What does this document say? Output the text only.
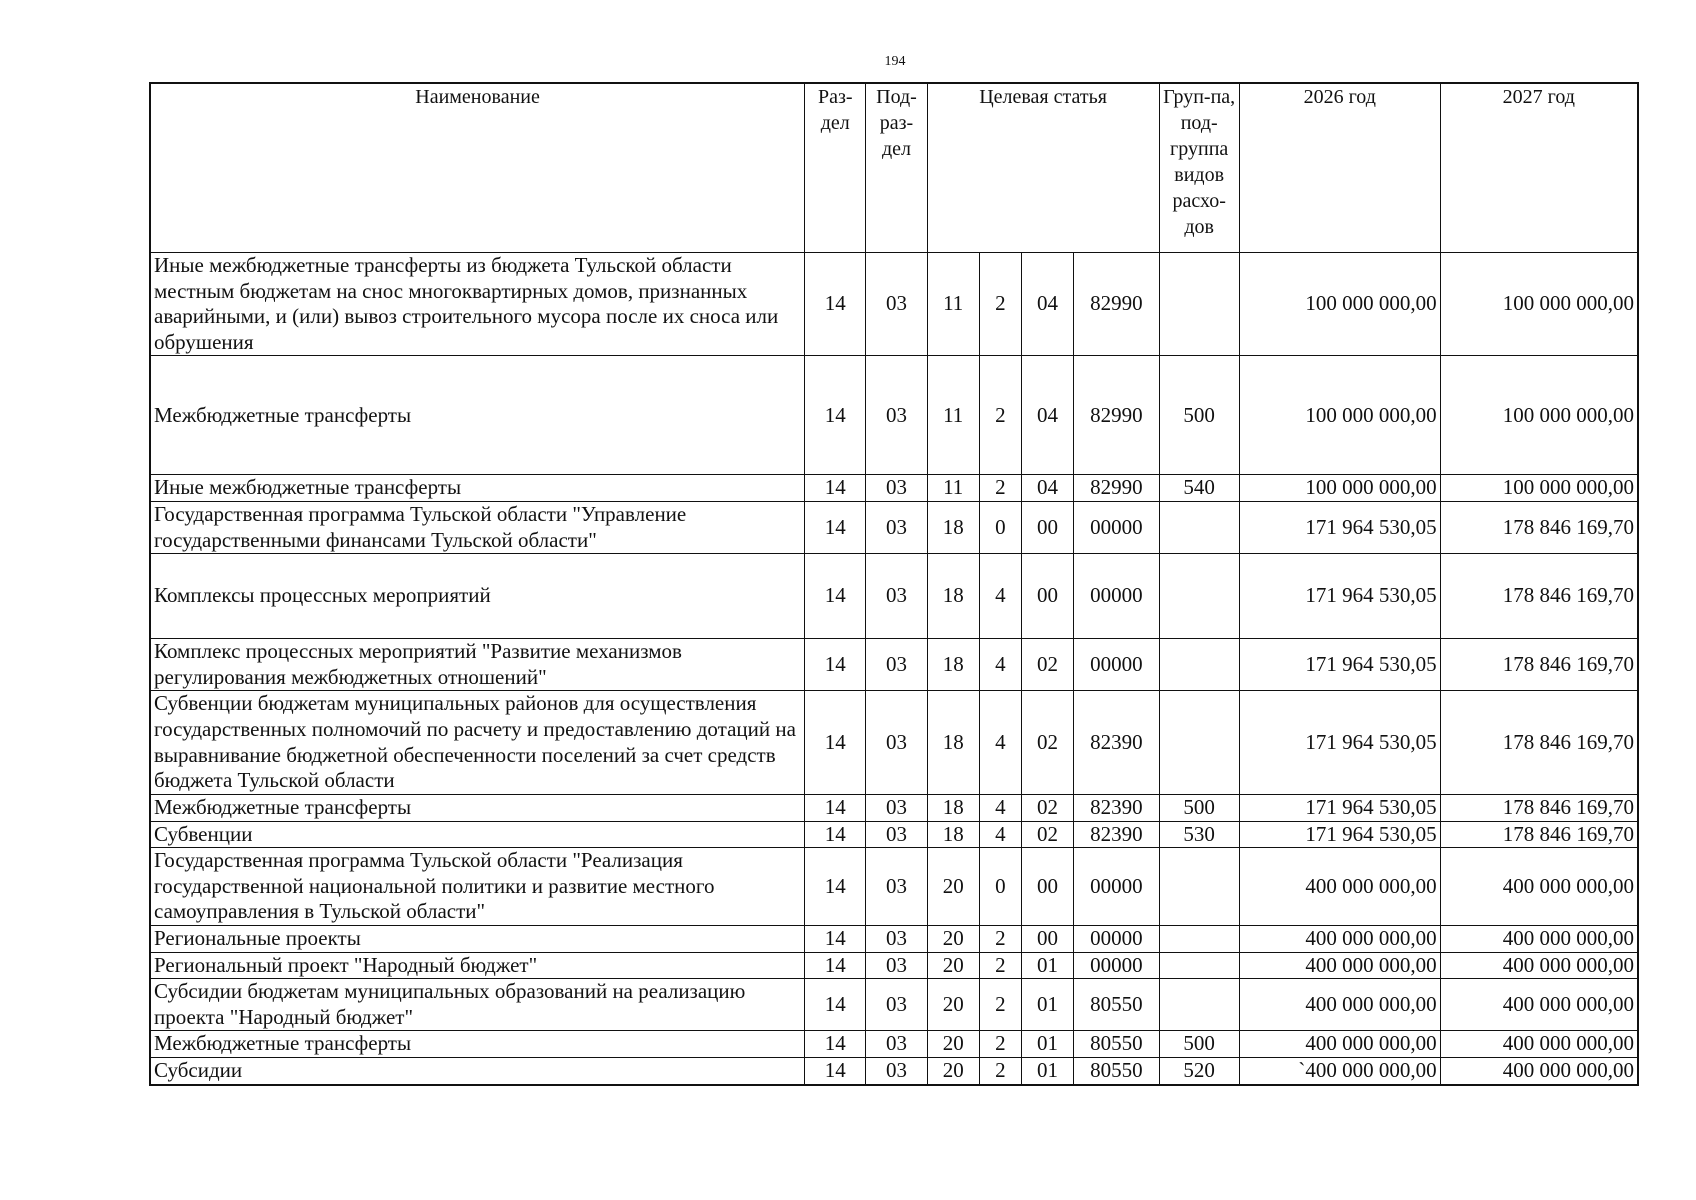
194
Наименование	Раз-дел	Под-раз-дел	Целевая статья				Груп-па, под-группа видов расхо-дов	2026 год	2027 год
Иные межбюджетные трансферты из бюджета Тульской области местным бюджетам на снос многоквартирных домов, признанных аварийными, и (или) вывоз строительного мусора после их сноса или обрушения	14	03	11	2	04	82990		100 000 000,00	100 000 000,00
Межбюджетные трансферты	14	03	11	2	04	82990	500	100 000 000,00	100 000 000,00
Иные межбюджетные трансферты	14	03	11	2	04	82990	540	100 000 000,00	100 000 000,00
Государственная программа Тульской области "Управление государственными финансами Тульской области"	14	03	18	0	00	00000		171 964 530,05	178 846 169,70
Комплексы процессных мероприятий	14	03	18	4	00	00000		171 964 530,05	178 846 169,70
Комплекс процессных мероприятий "Развитие механизмов регулирования межбюджетных отношений"	14	03	18	4	02	00000		171 964 530,05	178 846 169,70
Субвенции бюджетам муниципальных районов для осуществления государственных полномочий по расчету и предоставлению дотаций на выравнивание бюджетной обеспеченности поселений за счет средств бюджета Тульской области	14	03	18	4	02	82390		171 964 530,05	178 846 169,70
Межбюджетные трансферты	14	03	18	4	02	82390	500	171 964 530,05	178 846 169,70
Субвенции	14	03	18	4	02	82390	530	171 964 530,05	178 846 169,70
Государственная программа Тульской области "Реализация государственной национальной политики и развитие местного самоуправления в Тульской области"	14	03	20	0	00	00000		400 000 000,00	400 000 000,00
Региональные проекты	14	03	20	2	00	00000		400 000 000,00	400 000 000,00
Региональный проект "Народный бюджет"	14	03	20	2	01	00000		400 000 000,00	400 000 000,00
Субсидии бюджетам муниципальных образований на реализацию проекта "Народный бюджет"	14	03	20	2	01	80550		400 000 000,00	400 000 000,00
Межбюджетные трансферты	14	03	20	2	01	80550	500	400 000 000,00	400 000 000,00
Субсидии	14	03	20	2	01	80550	520	`400 000 000,00	400 000 000,00
